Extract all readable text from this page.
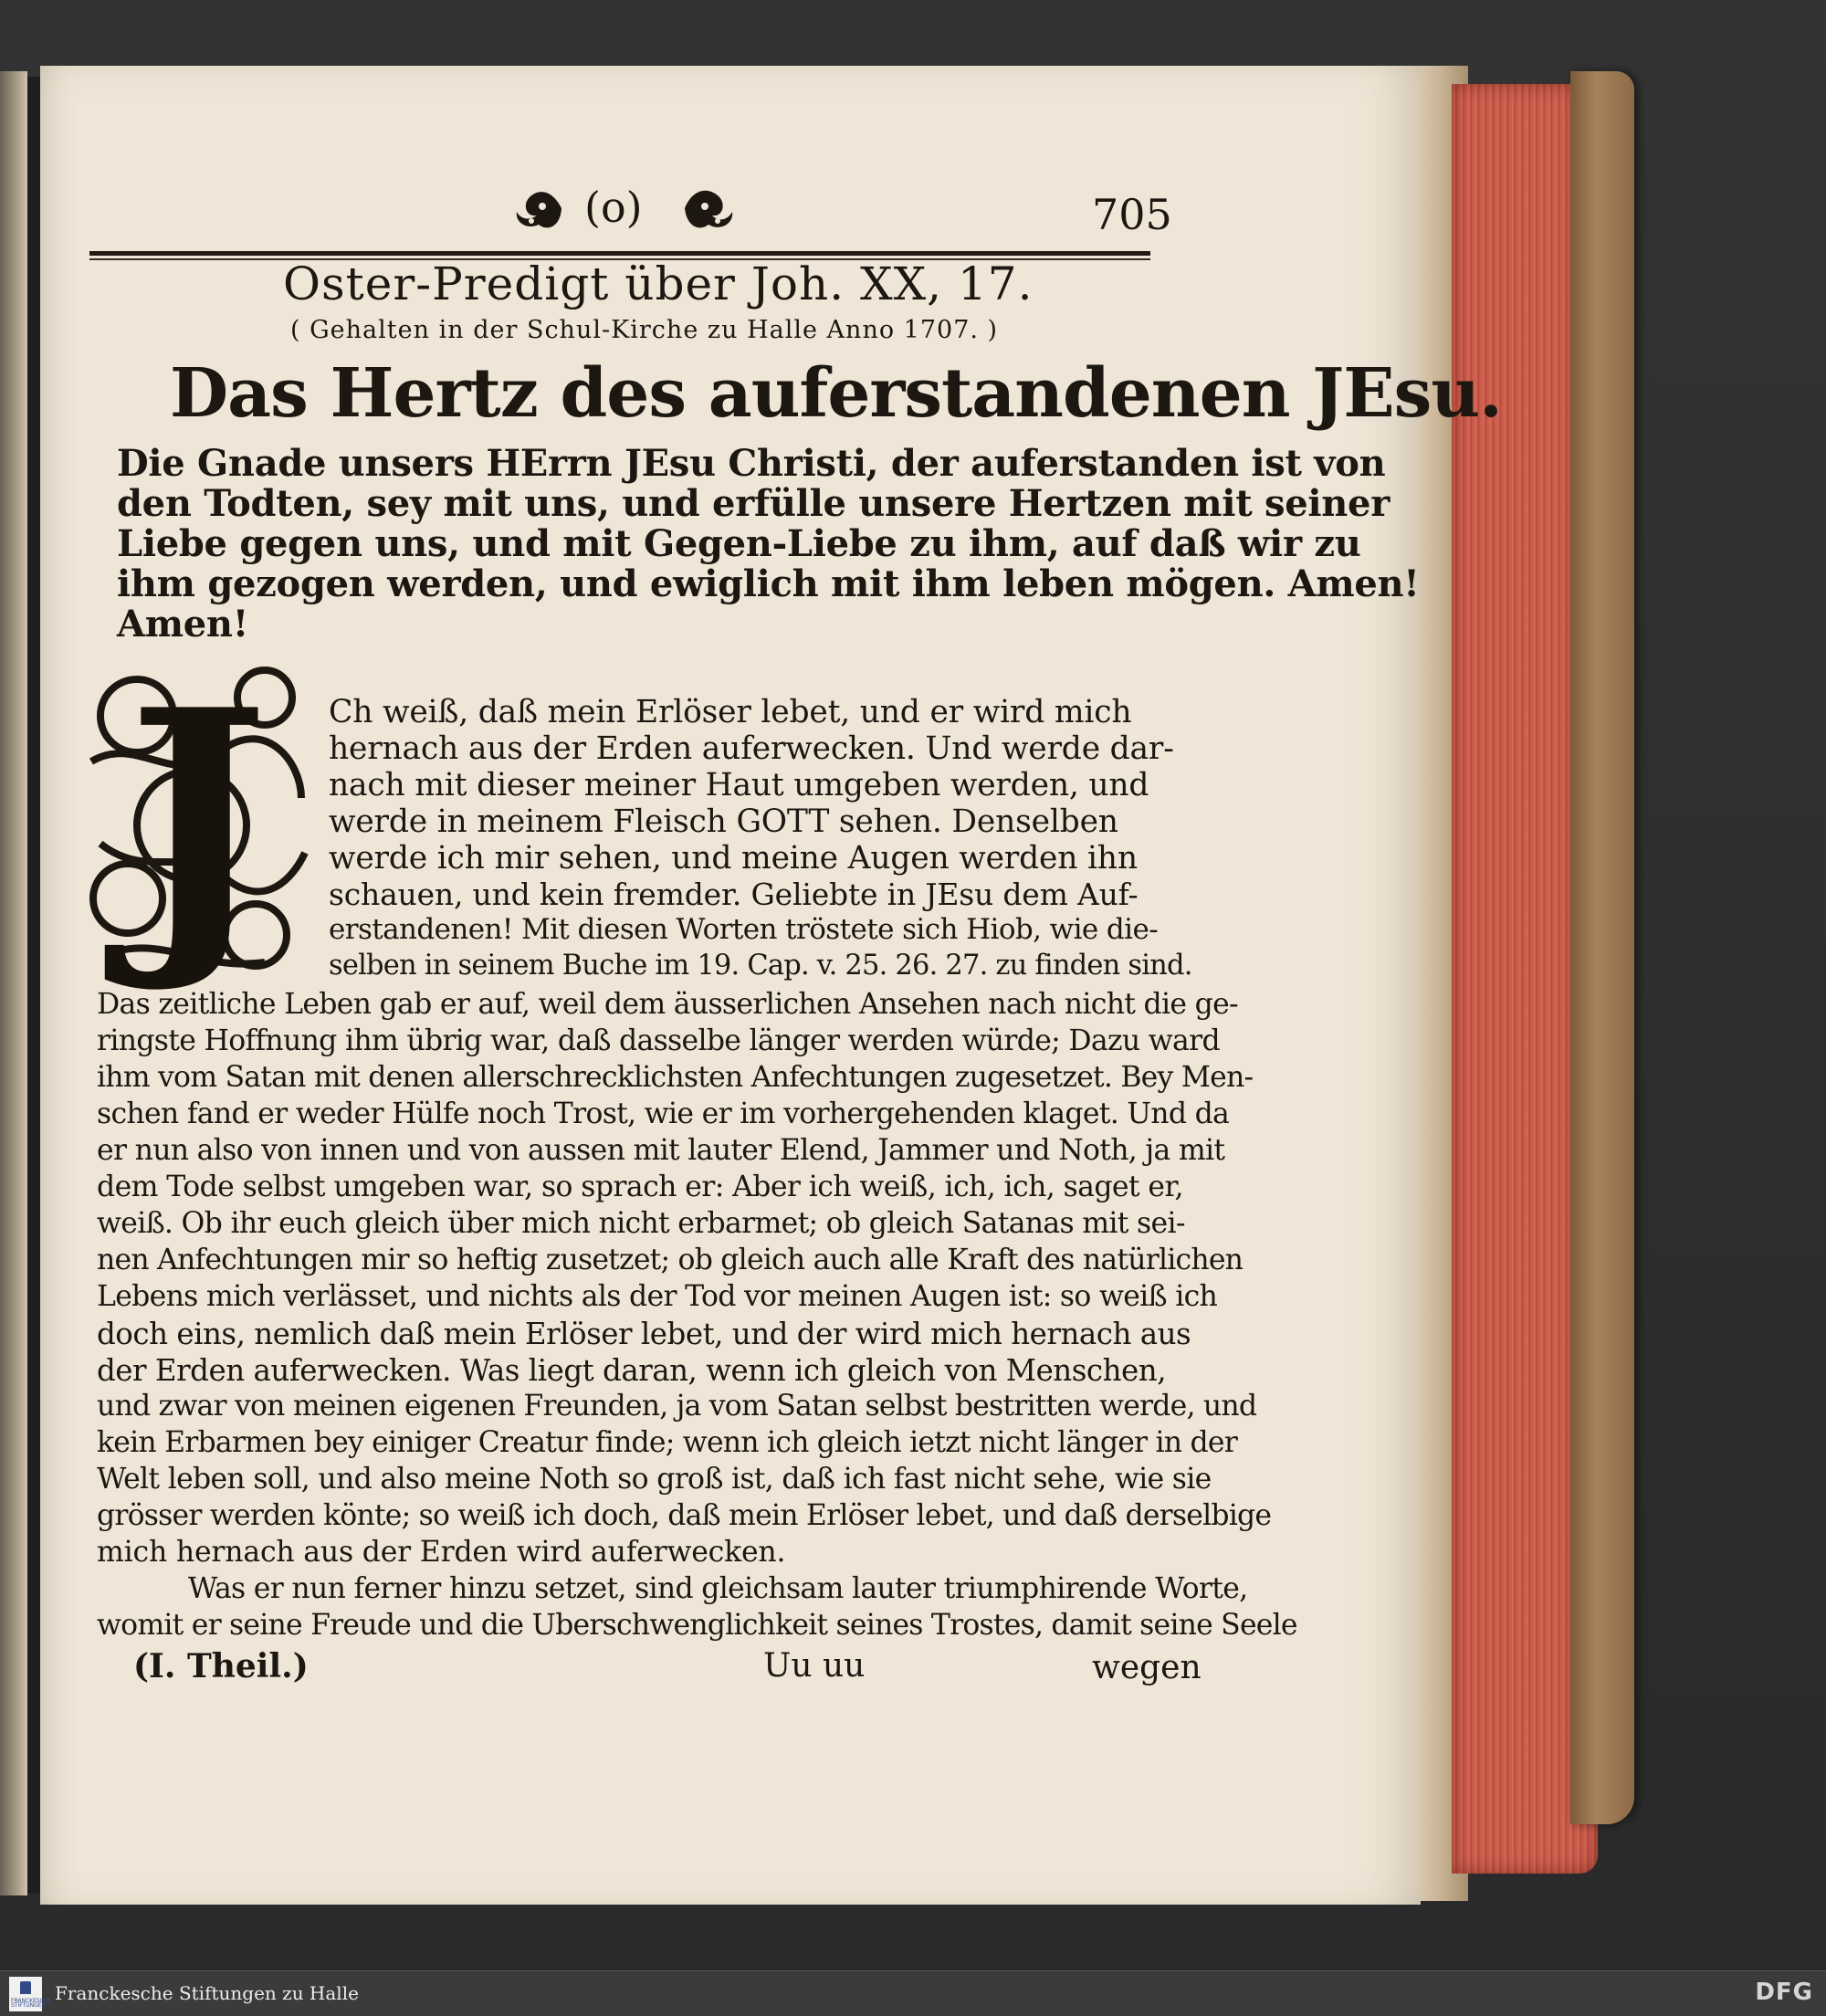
(o)	705
Oster-Predigt über Joh. XX, 17.
( Gehalten in der Schul-Kirche zu Halle Anno 1707. )
Das Hertz des auferstandenen JEsu.
Die Gnade unsers HErrn JEsu Christi, der auferstanden ist von
den Todten, sey mit uns, und erfülle unsere Hertzen mit seiner
Liebe gegen uns, und mit Gegen-Liebe zu ihm, auf daß wir zu
ihm gezogen werden, und ewiglich mit ihm leben mögen. Amen!
Amen!
J	Ch weiß, daß mein Erlöser lebet, und er wird mich
hernach aus der Erden auferwecken. Und werde dar-
nach mit dieser meiner Haut umgeben werden, und
werde in meinem Fleisch GOTT sehen. Denselben
werde ich mir sehen, und meine Augen werden ihn
schauen, und kein fremder. Geliebte in JEsu dem Auf-
erstandenen! Mit diesen Worten tröstete sich Hiob, wie die-
selben in seinem Buche im 19. Cap. v. 25. 26. 27. zu finden sind.
Das zeitliche Leben gab er auf, weil dem äusserlichen Ansehen nach nicht die ge-
ringste Hoffnung ihm übrig war, daß dasselbe länger werden würde; Dazu ward
ihm vom Satan mit denen allerschrecklichsten Anfechtungen zugesetzet. Bey Men-
schen fand er weder Hülfe noch Trost, wie er im vorhergehenden klaget. Und da
er nun also von innen und von aussen mit lauter Elend, Jammer und Noth, ja mit
dem Tode selbst umgeben war, so sprach er: Aber ich weiß, ich, ich, saget er,
weiß. Ob ihr euch gleich über mich nicht erbarmet; ob gleich Satanas mit sei-
nen Anfechtungen mir so heftig zusetzet; ob gleich auch alle Kraft des natürlichen
Lebens mich verlässet, und nichts als der Tod vor meinen Augen ist: so weiß ich
doch eins, nemlich daß mein Erlöser lebet, und der wird mich hernach aus
der Erden auferwecken. Was liegt daran, wenn ich gleich von Menschen,
und zwar von meinen eigenen Freunden, ja vom Satan selbst bestritten werde, und
kein Erbarmen bey einiger Creatur finde; wenn ich gleich ietzt nicht länger in der
Welt leben soll, und also meine Noth so groß ist, daß ich fast nicht sehe, wie sie
grösser werden könte; so weiß ich doch, daß mein Erlöser lebet, und daß derselbige
mich hernach aus der Erden wird auferwecken.
Was er nun ferner hinzu setzet, sind gleichsam lauter triumphirende Worte,
womit er seine Freude und die Uberschwenglichkeit seines Trostes, damit seine Seele
(I. Theil.)	Uu uu	wegen
FRANCKESCHE STIFTUNGEN
Franckesche Stiftungen zu Halle	DFG
